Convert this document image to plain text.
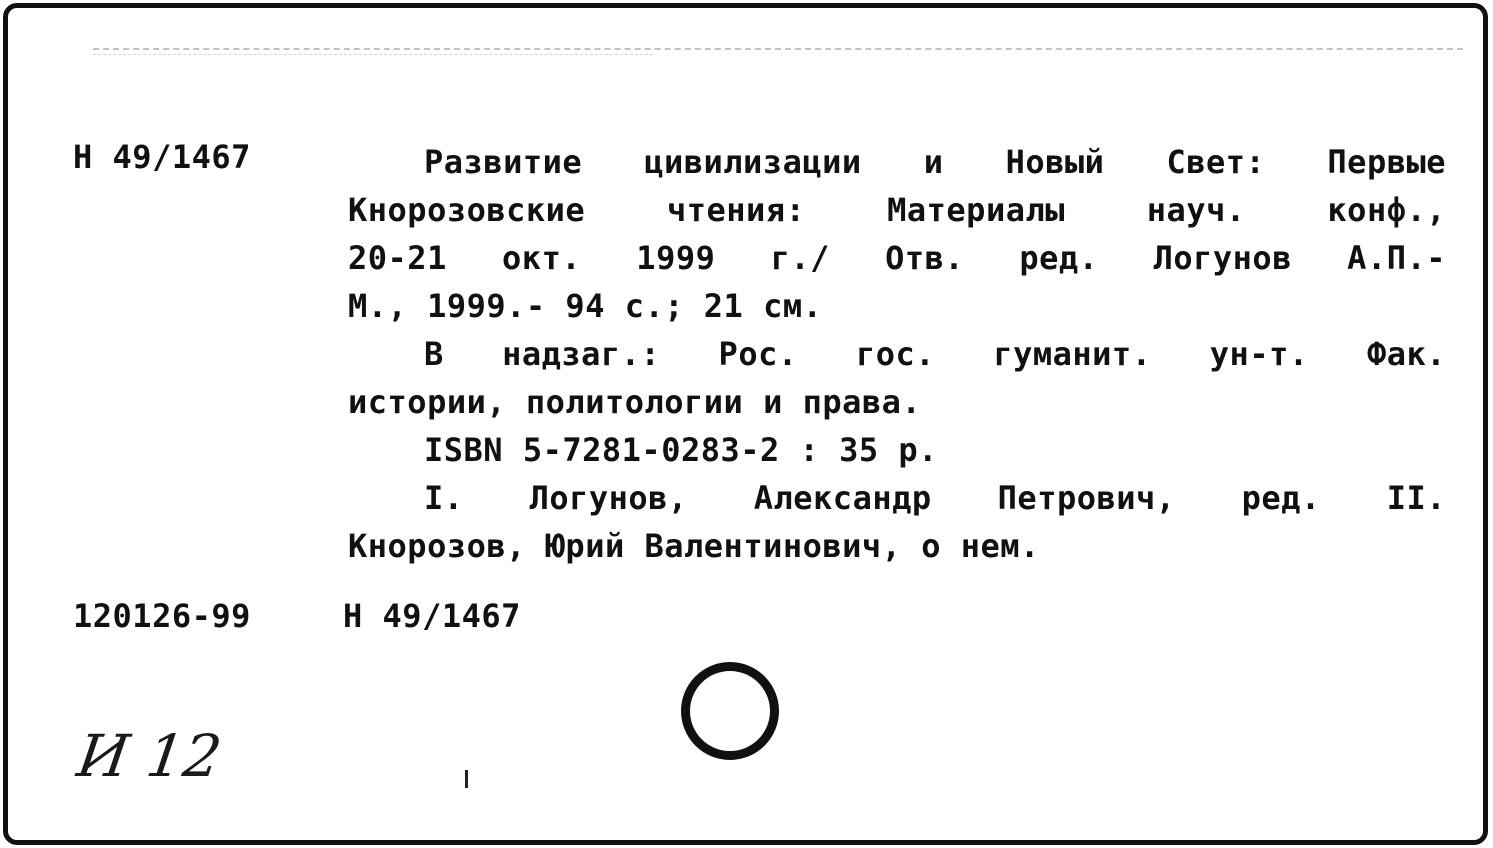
Н 49/1467	Развитие цивилизации и Новый Свет: Первые
Кнорозовские чтения: Материалы науч. конф.,
20-21 окт. 1999 г./ Отв. ред. Логунов А.П.-
М., 1999.- 94 с.; 21 см.
В надзаг.: Рос. гос. гуманит. ун-т. Фак.
истории, политологии и права.
ISBN 5-7281-0283-2 : 35 р.
I. Логунов, Александр Петрович, ред. II.
Кнорозов, Юрий Валентинович, о нем.
120126-99	Н 49/1467
И 12
